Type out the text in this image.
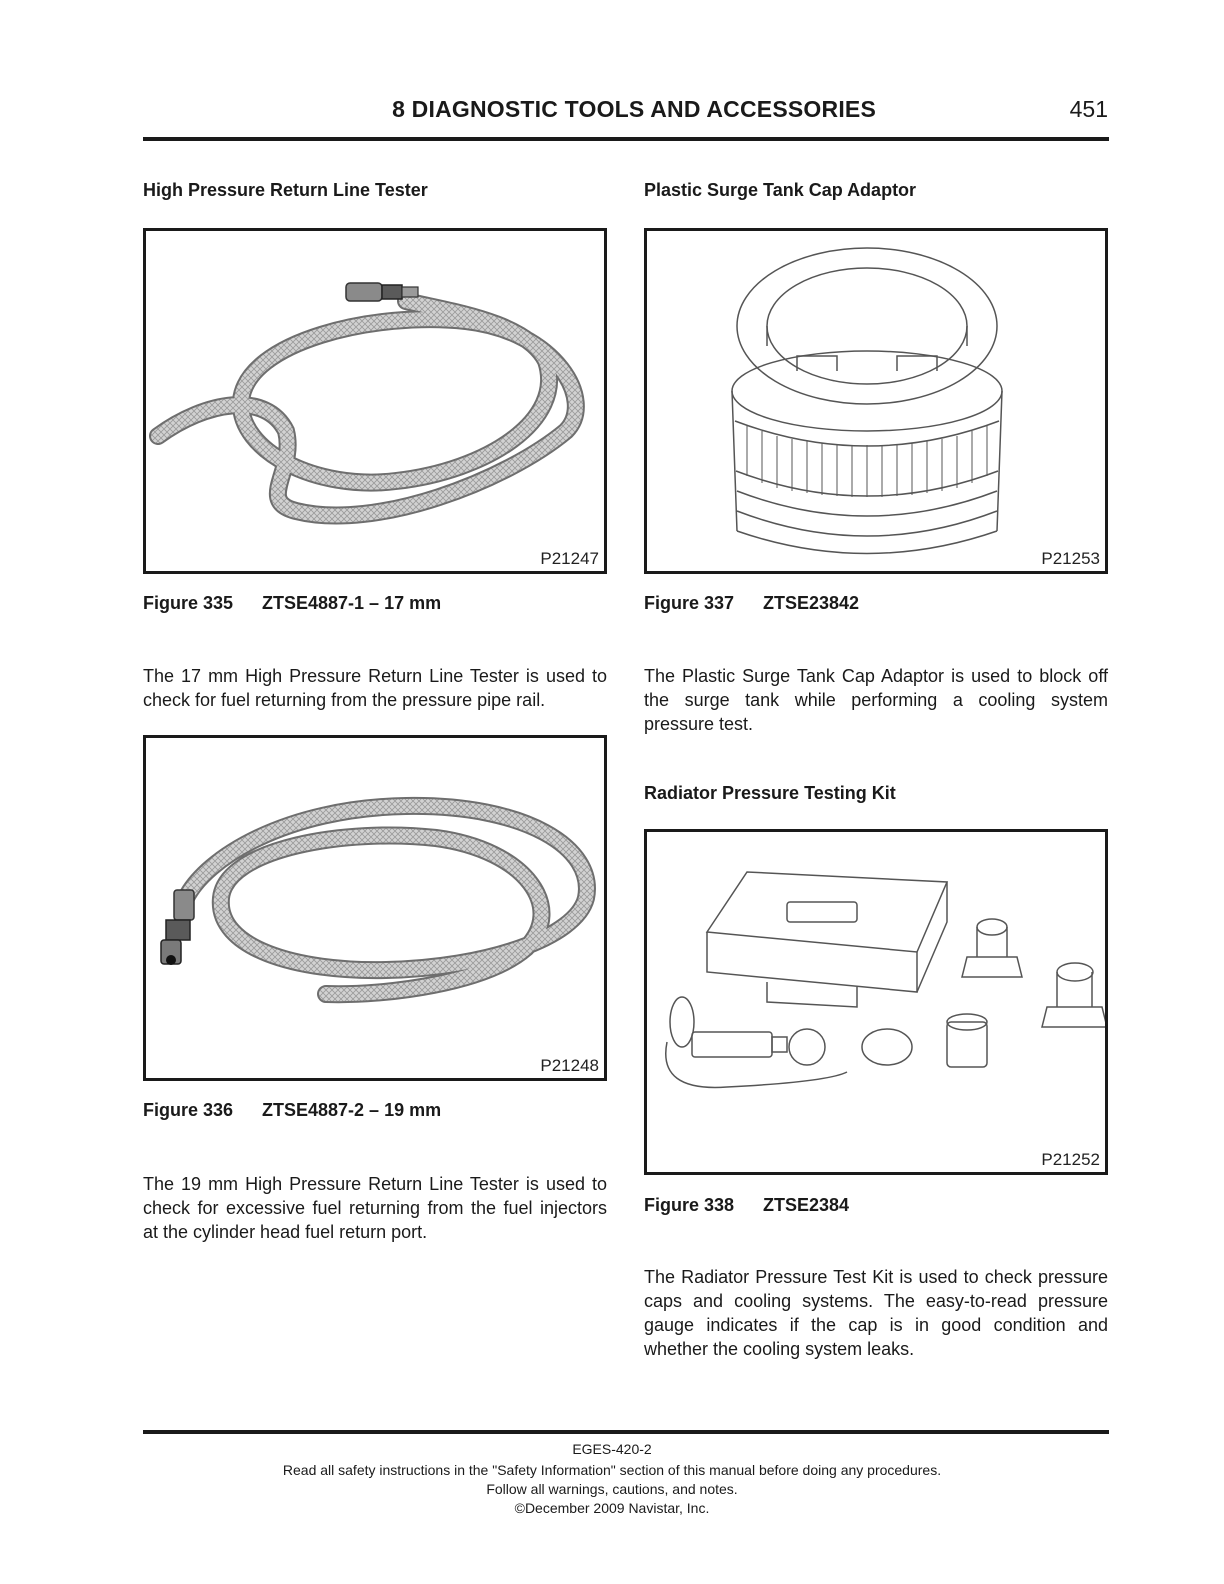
8 DIAGNOSTIC TOOLS AND ACCESSORIES	451
High Pressure Return Line Tester
P21247
Figure 335 ZTSE4887-1 – 17 mm
The 17 mm High Pressure Return Line Tester is used to check for fuel returning from the pressure pipe rail.
P21248
Figure 336 ZTSE4887-2 – 19 mm
The 19 mm High Pressure Return Line Tester is used to check for excessive fuel returning from the fuel injectors at the cylinder head fuel return port.
Plastic Surge Tank Cap Adaptor
P21253
Figure 337 ZTSE23842
The Plastic Surge Tank Cap Adaptor is used to block off the surge tank while performing a cooling system pressure test.
Radiator Pressure Testing Kit
P21252
Figure 338 ZTSE2384
The Radiator Pressure Test Kit is used to check pressure caps and cooling systems. The easy-to-read pressure gauge indicates if the cap is in good condition and whether the cooling system leaks.
EGES-420-2
Read all safety instructions in the "Safety Information" section of this manual before doing any procedures.
Follow all warnings, cautions, and notes.
©December 2009 Navistar, Inc.
